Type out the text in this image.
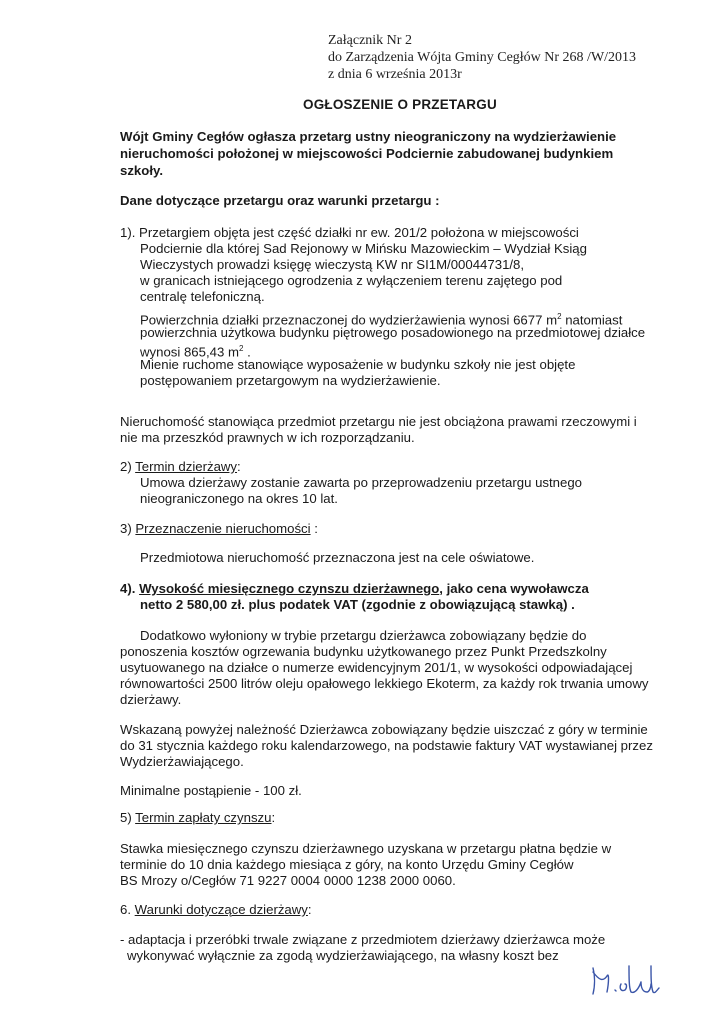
Załącznik Nr 2
do Zarządzenia Wójta Gminy Cegłów Nr 268 /W/2013
z dnia 6 września 2013r
OGŁOSZENIE O PRZETARGU
Wójt Gminy Cegłów ogłasza przetarg ustny nieograniczony na wydzierżawienie
nieruchomości położonej w miejscowości Podciernie zabudowanej budynkiem
szkoły.
Dane dotyczące przetargu oraz warunki przetargu :
1). Przetargiem objęta jest część działki nr ew. 201/2 położona w miejscowości
Podciernie dla której Sad Rejonowy w Mińsku Mazowieckim – Wydział Ksiąg
Wieczystych prowadzi księgę wieczystą KW nr SI1M/00044731/8,
w granicach istniejącego ogrodzenia z wyłączeniem terenu zajętego pod
centralę telefoniczną.
Powierzchnia działki przeznaczonej do wydzierżawienia wynosi 6677 $m^2$ natomiast
powierzchnia użytkowa budynku piętrowego posadowionego na przedmiotowej działce
wynosi 865,43 $m^2$ .
Mienie ruchome stanowiące wyposażenie w budynku szkoły nie jest objęte
postępowaniem przetargowym na wydzierżawienie.
Nieruchomość stanowiąca przedmiot przetargu nie jest obciążona prawami rzeczowymi i
nie ma przeszkód prawnych w ich rozporządzaniu.
2) Termin dzierżawy:
Umowa dzierżawy zostanie zawarta po przeprowadzeniu przetargu ustnego
nieograniczonego na okres 10 lat.
3) Przeznaczenie nieruchomości :
Przedmiotowa nieruchomość przeznaczona jest na cele oświatowe.
4). Wysokość miesięcznego czynszu dzierżawnego, jako cena wywoławcza
netto 2 580,00 zł. plus podatek VAT (zgodnie z obowiązującą stawką) .
Dodatkowo wyłoniony w trybie przetargu dzierżawca zobowiązany będzie do
ponoszenia kosztów ogrzewania budynku użytkowanego przez Punkt Przedszkolny
usytuowanego na działce o numerze ewidencyjnym 201/1, w wysokości odpowiadającej
równowartości 2500 litrów oleju opałowego lekkiego Ekoterm, za każdy rok trwania umowy
dzierżawy.
Wskazaną powyżej należność Dzierżawca zobowiązany będzie uiszczać z góry w terminie
do 31 stycznia każdego roku kalendarzowego, na podstawie faktury VAT wystawianej przez
Wydzierżawiającego.
Minimalne postąpienie - 100 zł.
5) Termin zapłaty czynszu:
Stawka miesięcznego czynszu dzierżawnego uzyskana w przetargu płatna będzie w
terminie do 10 dnia każdego miesiąca z góry, na konto Urzędu Gminy Cegłów
BS Mrozy o/Cegłów 71 9227 0004 0000 1238 2000 0060.
6. Warunki dotyczące dzierżawy:
- adaptacja i przeróbki trwale związane z przedmiotem dzierżawy dzierżawca może
wykonywać wyłącznie za zgodą wydzierżawiającego, na własny koszt bez
